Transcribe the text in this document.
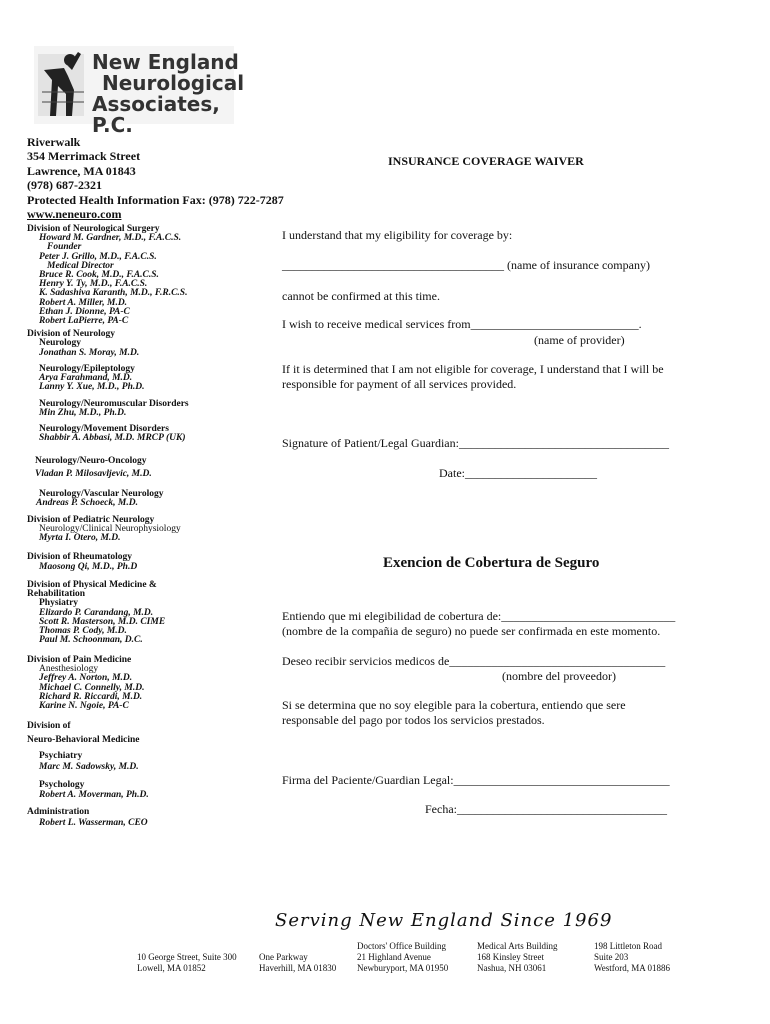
New England
Neurological
Associates, P.C.
Riverwalk
354 Merrimack Street
Lawrence, MA 01843
(978) 687-2321
Protected Health Information Fax: (978) 722-7287
www.neneuro.com
Division of Neurological Surgery
Howard M. Gardner, M.D., F.A.C.S.
Founder
Peter J. Grillo, M.D., F.A.C.S.
Medical Director
Bruce R. Cook, M.D., F.A.C.S.
Henry Y. Ty, M.D., F.A.C.S.
K. Sadashiva Karanth, M.D., F.R.C.S.
Robert A. Miller, M.D.
Ethan J. Dionne, PA-C
Robert LaPierre, PA-C
Division of Neurology
Neurology
Jonathan S. Moray, M.D.
Neurology/Epileptology
Arya Farahmand, M.D.
Lanny Y. Xue, M.D., Ph.D.
Neurology/Neuromuscular Disorders
Min Zhu, M.D., Ph.D.
Neurology/Movement Disorders
Shabbir A. Abbasi, M.D. MRCP (UK)
Neurology/Neuro-Oncology
Vladan P. Milosavljevic, M.D.
Neurology/Vascular Neurology
Andreas P. Schoeck, M.D.
Division of Pediatric Neurology
Neurology/Clinical Neurophysiology
Myrta I. Otero, M.D.
Division of Rheumatology
Maosong Qi, M.D., Ph.D
Division of Physical Medicine &
Rehabilitation
Physiatry
Elizardo P. Carandang, M.D.
Scott R. Masterson, M.D. CIME
Thomas P. Cody, M.D.
Paul M. Schoonman, D.C.
Division of Pain Medicine
Anesthesiology
Jeffrey A. Norton, M.D.
Michael C. Connelly, M.D.
Richard R. Riccardi, M.D.
Karine N. Ngoie, PA-C
Division of
Neuro-Behavioral Medicine
Psychiatry
Marc M. Sadowsky, M.D.
Psychology
Robert A. Moverman, Ph.D.
Administration
Robert L. Wasserman, CEO
INSURANCE COVERAGE WAIVER
I understand that my eligibility for coverage by:
_____________________________________ (name of insurance company)
cannot be confirmed at this time.
I wish to receive medical services from____________________________.
(name of provider)
If it is determined that I am not eligible for coverage, I understand that I will be
responsible for payment of all services provided.
Signature of Patient/Legal Guardian:___________________________________
Date:______________________
Exencion de Cobertura de Seguro
Entiendo que mi elegibilidad de cobertura de:_____________________________
(nombre de la compañia de seguro) no puede ser confirmada en este momento.
Deseo recibir servicios medicos de____________________________________
(nombre del proveedor)
Si se determina que no soy elegible para la cobertura, entiendo que sere
responsable del pago por todos los servicios prestados.
Firma del Paciente/Guardian Legal:____________________________________
Fecha:___________________________________
Serving New England Since 1969

10 George Street, Suite 300
Lowell, MA 01852

One Parkway
Haverhill, MA 01830
Doctors' Office Building
21 Highland Avenue
Newburyport, MA 01950
Medical Arts Building
168 Kinsley Street
Nashua, NH 03061
198 Littleton Road
Suite 203
Westford, MA 01886
